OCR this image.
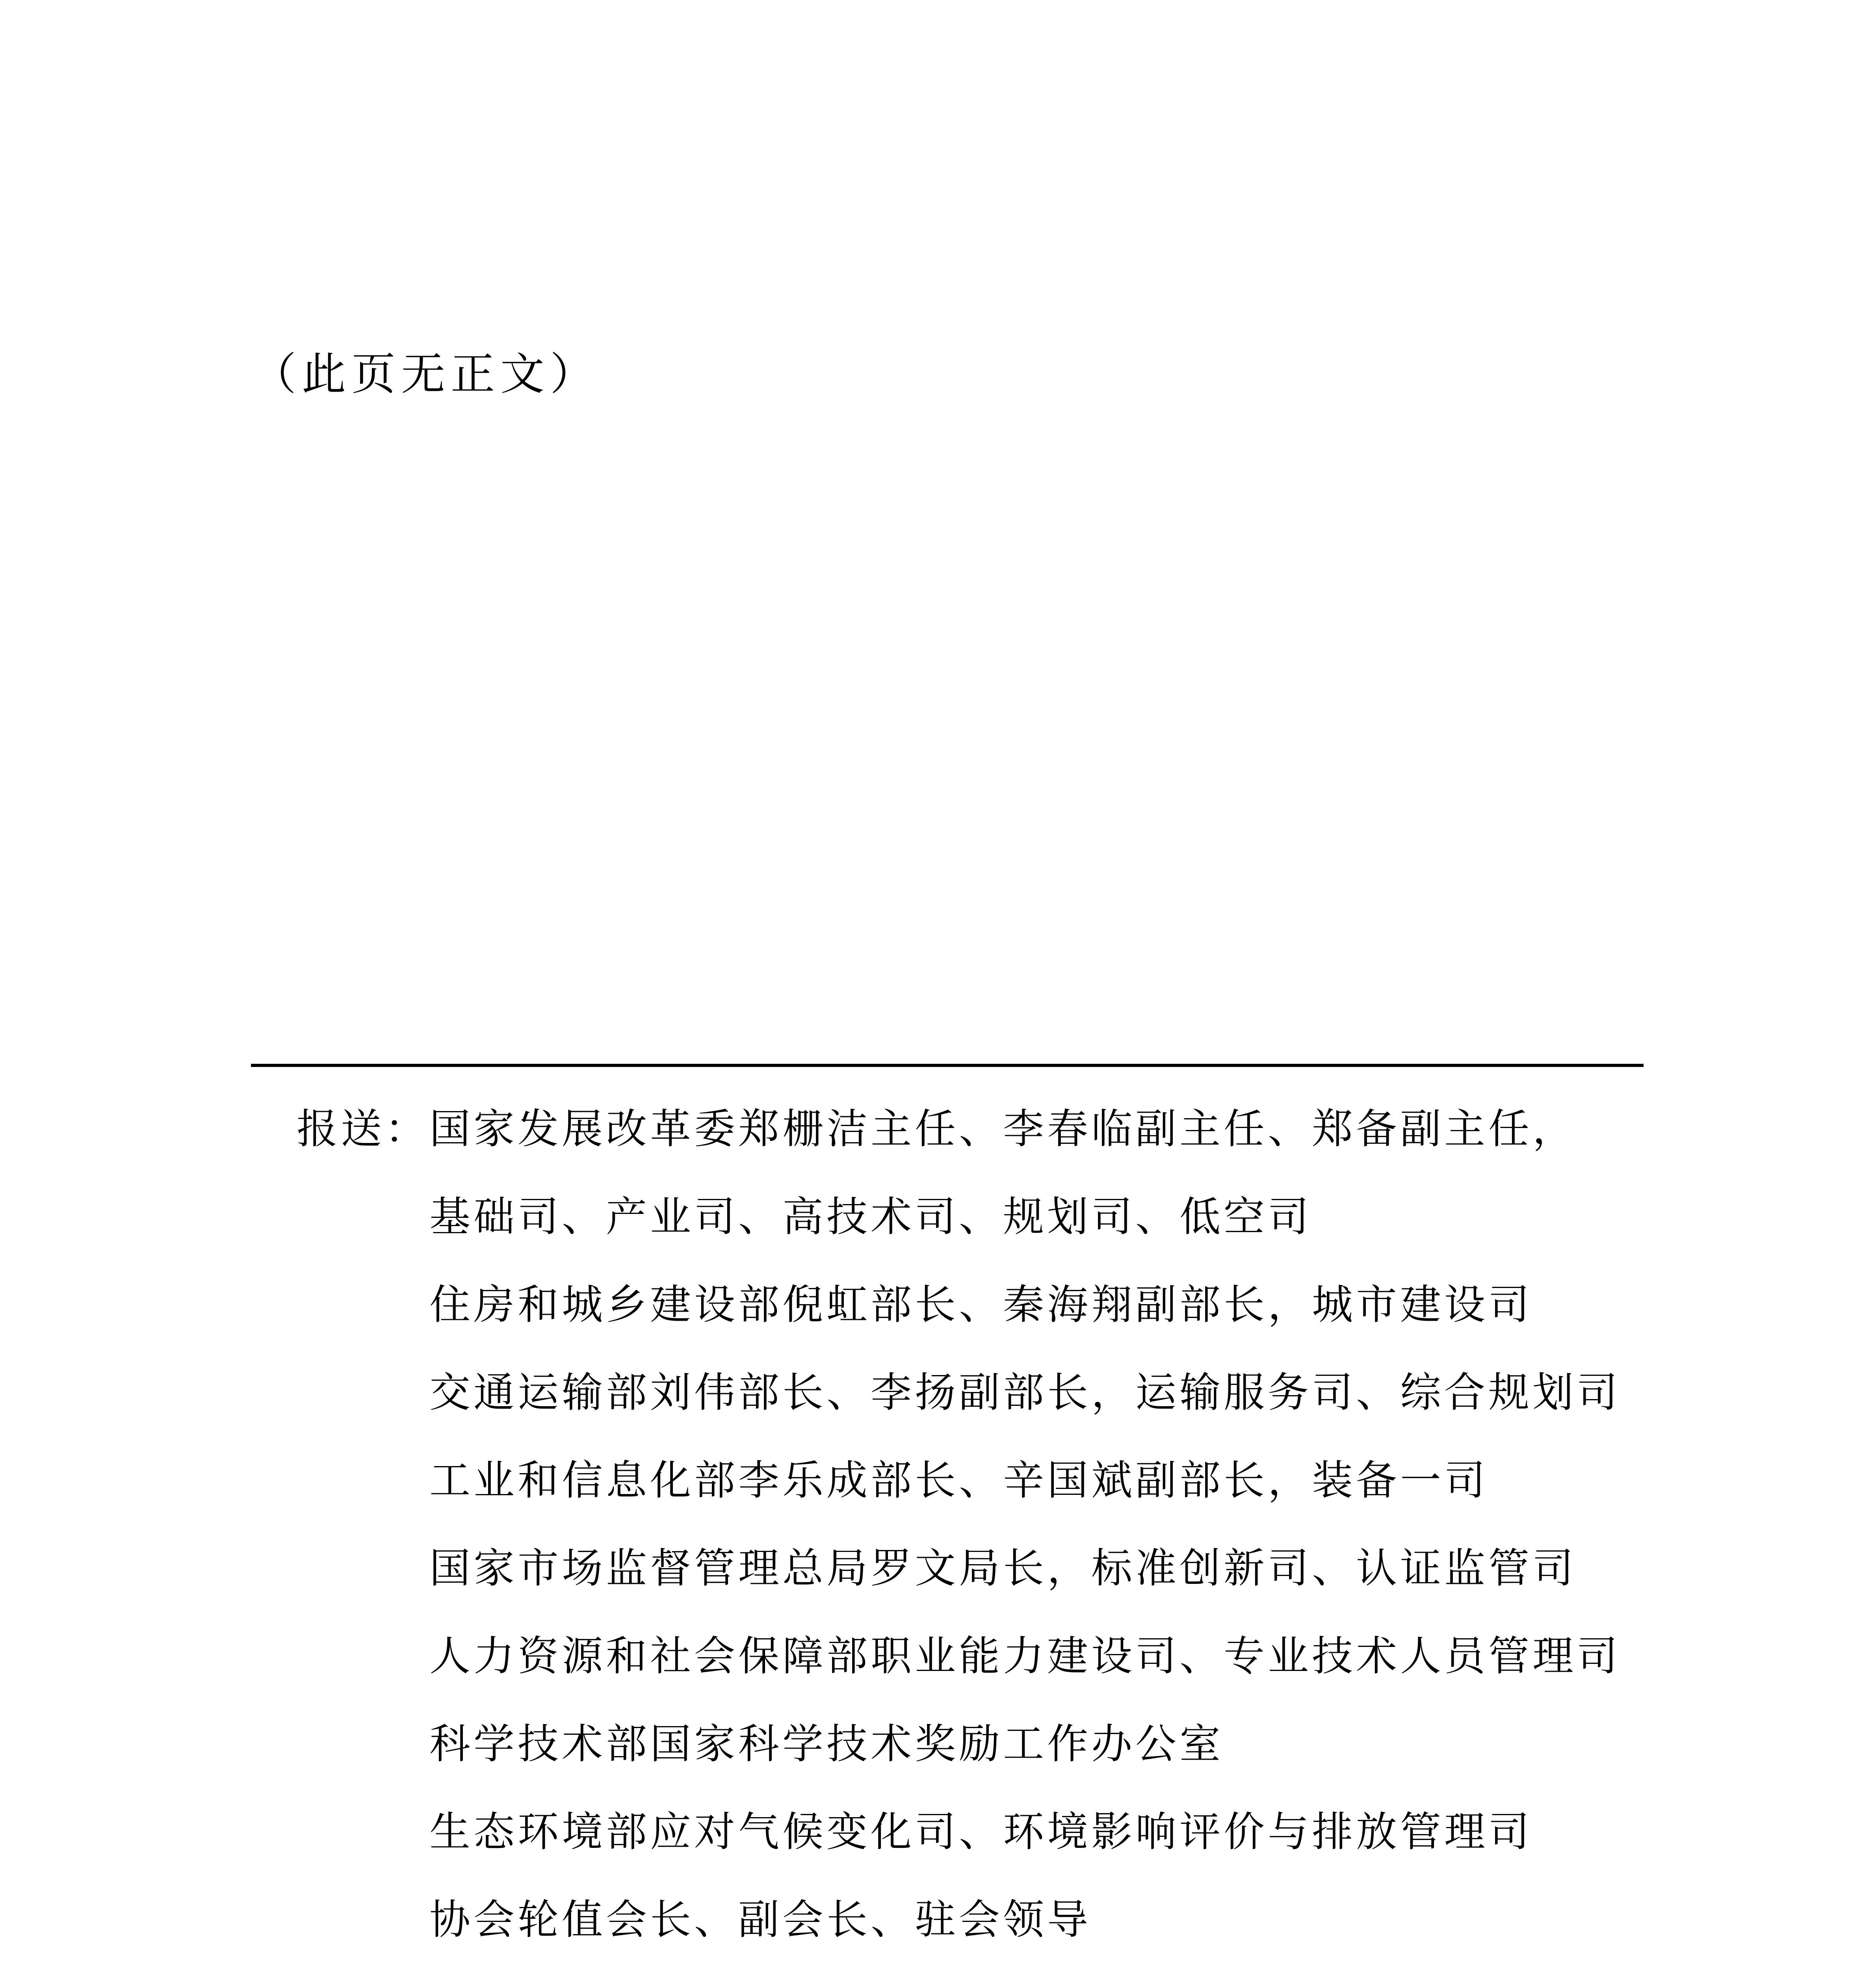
（此页无正文）
报送： 国家发展改革委郑栅洁主任、李春临副主任、郑备副主任，
基础司、产业司、高技术司、规划司、低空司
住房和城乡建设部倪虹部长、秦海翔副部长，城市建设司
交通运输部刘伟部长、李扬副部长，运输服务司、综合规划司
工业和信息化部李乐成部长、辛国斌副部长，装备一司
国家市场监督管理总局罗文局长，标准创新司、认证监管司
人力资源和社会保障部职业能力建设司、专业技术人员管理司
科学技术部国家科学技术奖励工作办公室
生态环境部应对气候变化司、环境影响评价与排放管理司
协会轮值会长、副会长、驻会领导
